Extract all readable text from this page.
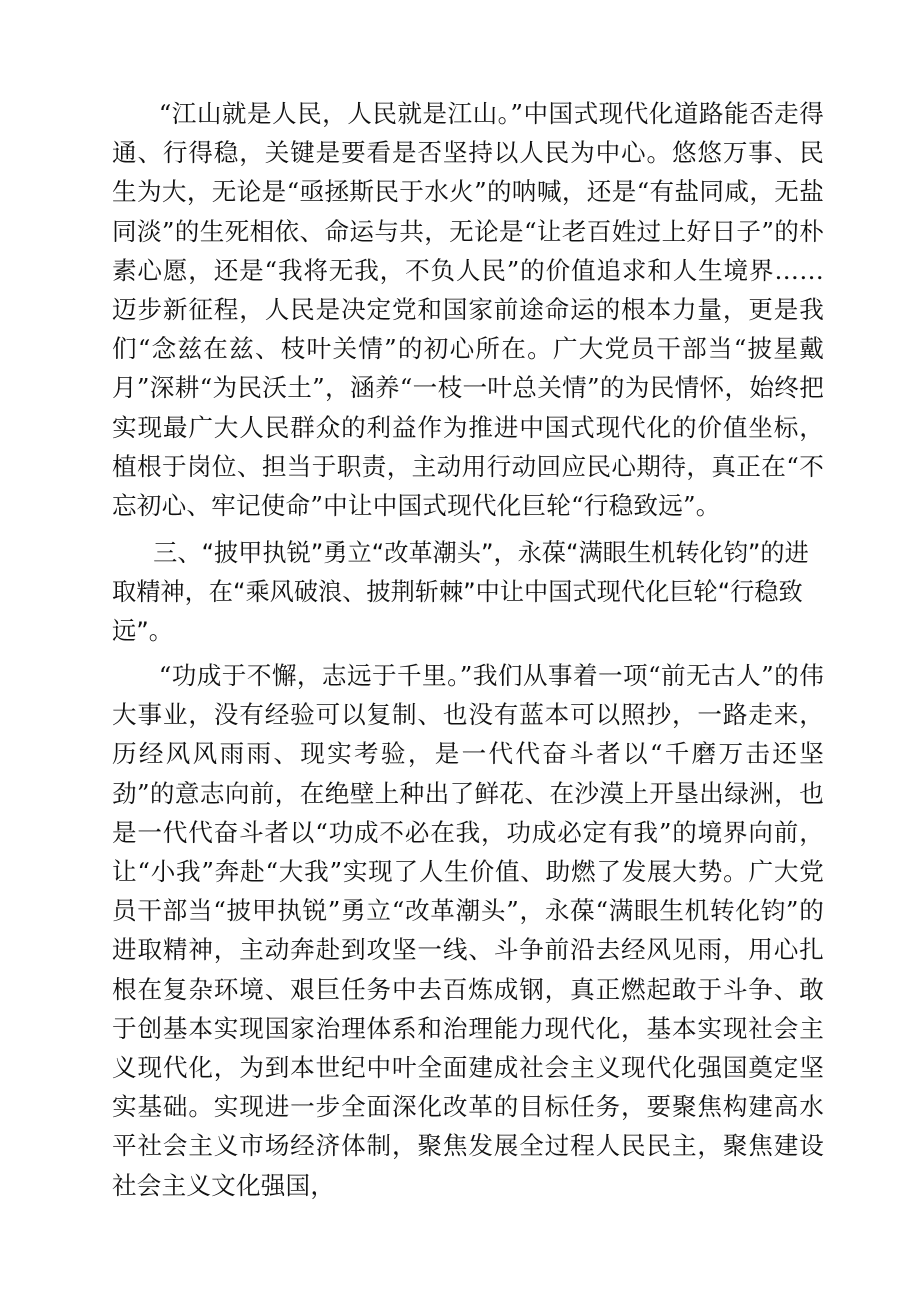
“江山就是人民，人民就是江山。”中国式现代化道路能否走得通、行得稳，关键是要看是否坚持以人民为中心。悠悠万事、民生为大，无论是“亟拯斯民于水火”的呐喊，还是“有盐同咸，无盐同淡”的生死相依、命运与共，无论是“让老百姓过上好日子”的朴素心愿，还是“我将无我，不负人民”的价值追求和人生境界……迈步新征程，人民是决定党和国家前途命运的根本力量，更是我们“念兹在兹、枝叶关情”的初心所在。广大党员干部当“披星戴月”深耕“为民沃土”，涵养“一枝一叶总关情”的为民情怀，始终把实现最广大人民群众的利益作为推进中国式现代化的价值坐标，植根于岗位、担当于职责，主动用行动回应民心期待，真正在“不忘初心、牢记使命”中让中国式现代化巨轮“行稳致远”。

三、“披甲执锐”勇立“改革潮头”，永葆“满眼生机转化钧”的进取精神，在“乘风破浪、披荆斩棘”中让中国式现代化巨轮“行稳致远”。

“功成于不懈，志远于千里。”我们从事着一项“前无古人”的伟大事业，没有经验可以复制、也没有蓝本可以照抄，一路走来，历经风风雨雨、现实考验，是一代代奋斗者以“千磨万击还坚劲”的意志向前，在绝壁上种出了鲜花、在沙漠上开垦出绿洲，也是一代代奋斗者以“功成不必在我，功成必定有我”的境界向前，让“小我”奔赴“大我”实现了人生价值、助燃了发展大势。广大党员干部当“披甲执锐”勇立“改革潮头”，永葆“满眼生机转化钧”的进取精神，主动奔赴到攻坚一线、斗争前沿去经风见雨，用心扎根在复杂环境、艰巨任务中去百炼成钢，真正燃起敢于斗争、敢于创基本实现国家治理体系和治理能力现代化，基本实现社会主义现代化，为到本世纪中叶全面建成社会主义现代化强国奠定坚实基础。实现进一步全面深化改革的目标任务，要聚焦构建高水平社会主义市场经济体制，聚焦发展全过程人民民主，聚焦建设社会主义文化强国，
